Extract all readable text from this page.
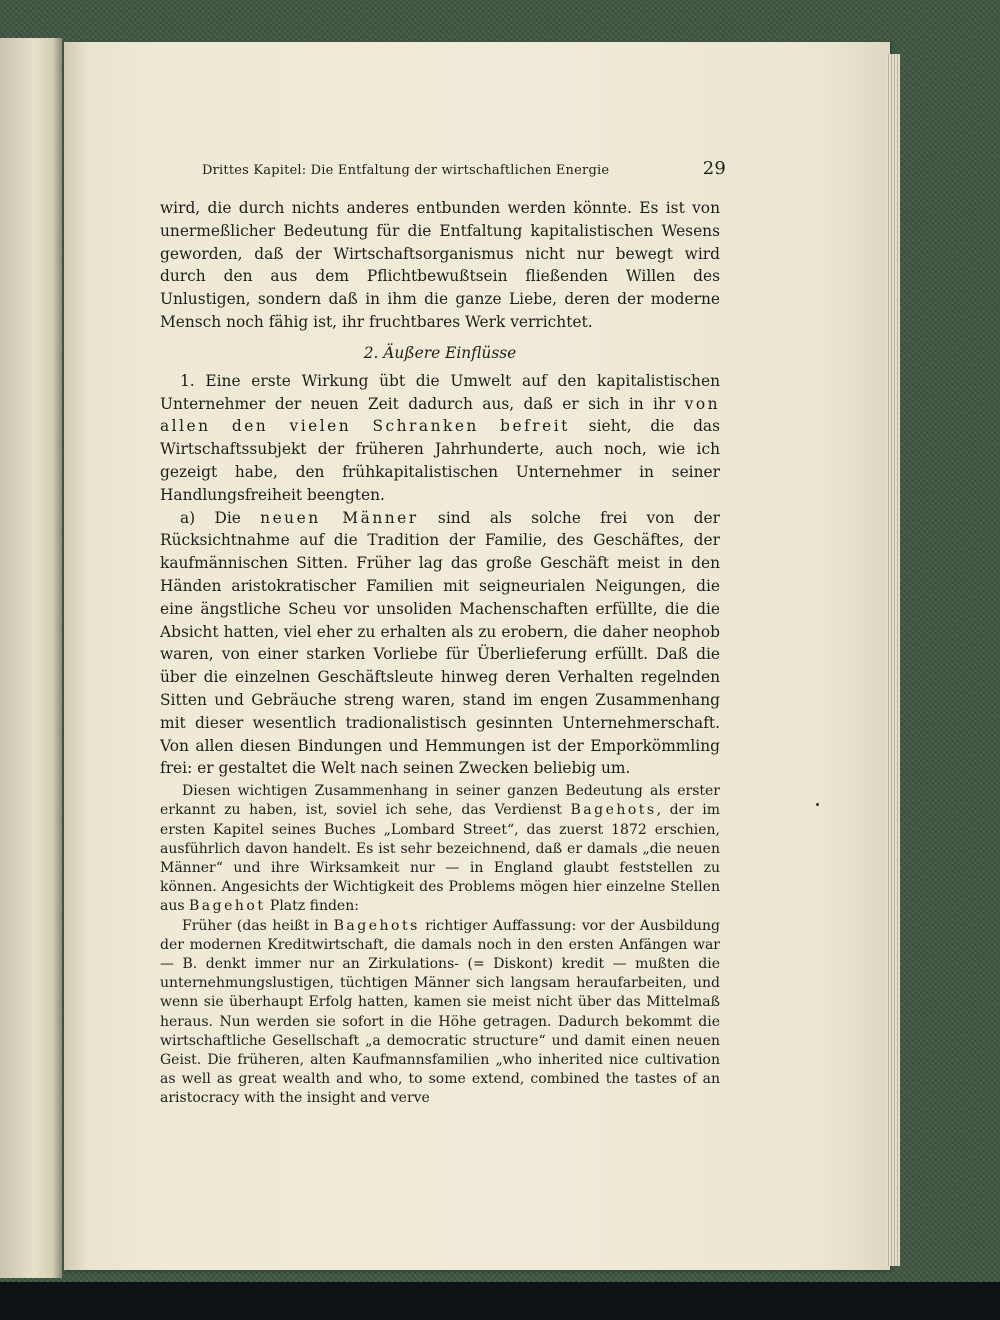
Drittes Kapitel: Die Entfaltung der wirtschaftlichen Energie	29

wird, die durch nichts anderes entbunden werden könnte. Es ist von unermeßlicher Bedeutung für die Entfaltung kapitalistischen Wesens geworden, daß der Wirtschaftsorganismus nicht nur bewegt wird durch den aus dem Pflichtbewußtsein fließenden Willen des Unlustigen, sondern daß in ihm die ganze Liebe, deren der moderne Mensch noch fähig ist, ihr fruchtbares Werk verrichtet.

2. Äußere Einflüsse

1. Eine erste Wirkung übt die Umwelt auf den kapitalistischen Unternehmer der neuen Zeit dadurch aus, daß er sich in ihr von allen den vielen Schranken befreit sieht, die das Wirtschaftssubjekt der früheren Jahrhunderte, auch noch, wie ich gezeigt habe, den frühkapitalistischen Unternehmer in seiner Handlungsfreiheit beengten.

a) Die neuen Männer sind als solche frei von der Rücksichtnahme auf die Tradition der Familie, des Geschäftes, der kaufmännischen Sitten. Früher lag das große Geschäft meist in den Händen aristokratischer Familien mit seigneurialen Neigungen, die eine ängstliche Scheu vor unsoliden Machenschaften erfüllte, die die Absicht hatten, viel eher zu erhalten als zu erobern, die daher neophob waren, von einer starken Vorliebe für Überlieferung erfüllt. Daß die über die einzelnen Geschäftsleute hinweg deren Verhalten regelnden Sitten und Gebräuche streng waren, stand im engen Zusammenhang mit dieser wesentlich tradionalistisch gesinnten Unternehmerschaft. Von allen diesen Bindungen und Hemmungen ist der Emporkömmling frei: er gestaltet die Welt nach seinen Zwecken beliebig um.

Diesen wichtigen Zusammenhang in seiner ganzen Bedeutung als erster erkannt zu haben, ist, soviel ich sehe, das Verdienst Bagehots, der im ersten Kapitel seines Buches „Lombard Street“, das zuerst 1872 erschien, ausführlich davon handelt. Es ist sehr bezeichnend, daß er damals „die neuen Männer“ und ihre Wirksamkeit nur — in England glaubt feststellen zu können. Angesichts der Wichtigkeit des Problems mögen hier einzelne Stellen aus Bagehot Platz finden:

Früher (das heißt in Bagehots richtiger Auffassung: vor der Ausbildung der modernen Kreditwirtschaft, die damals noch in den ersten Anfängen war — B. denkt immer nur an Zirkulations- (= Diskont) kredit — mußten die unternehmungslustigen, tüchtigen Männer sich langsam heraufarbeiten, und wenn sie überhaupt Erfolg hatten, kamen sie meist nicht über das Mittelmaß heraus. Nun werden sie sofort in die Höhe getragen. Dadurch bekommt die wirtschaftliche Gesellschaft „a democratic structure“ und damit einen neuen Geist. Die früheren, alten Kaufmannsfamilien „who inherited nice cultivation as well as great wealth and who, to some extend, combined the tastes of an aristocracy with the insight and verve
